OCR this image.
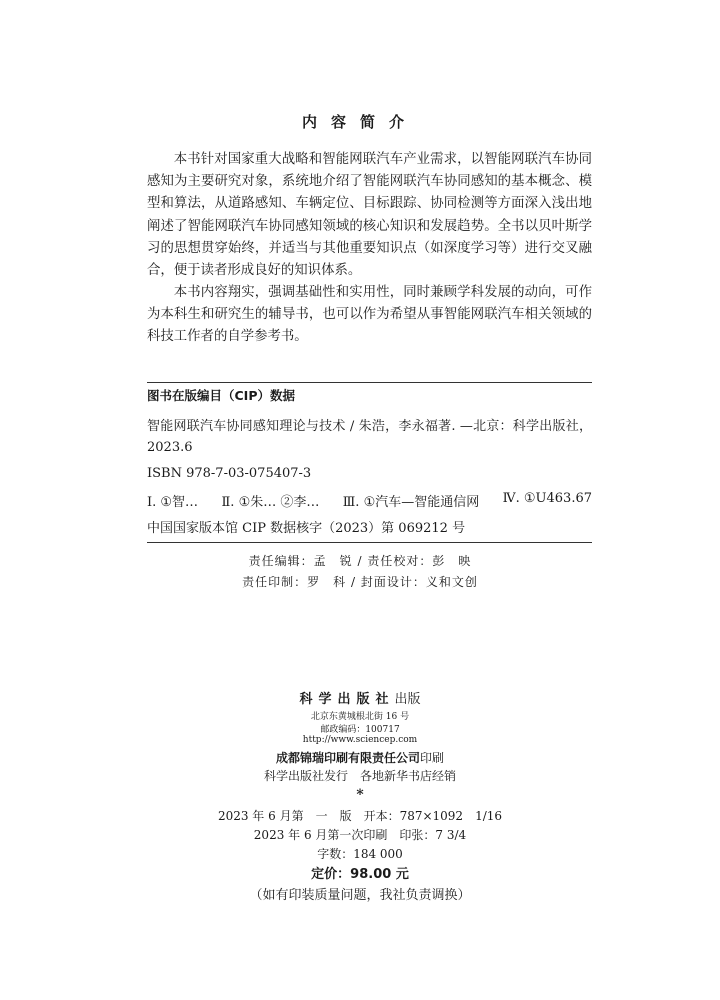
内容简介
本书针对国家重大战略和智能网联汽车产业需求，以智能网联汽车协同感知为主要研究对象，系统地介绍了智能网联汽车协同感知的基本概念、模型和算法，从道路感知、车辆定位、目标跟踪、协同检测等方面深入浅出地阐述了智能网联汽车协同感知领域的核心知识和发展趋势。全书以贝叶斯学习的思想贯穿始终，并适当与其他重要知识点（如深度学习等）进行交叉融合，便于读者形成良好的知识体系。
本书内容翔实，强调基础性和实用性，同时兼顾学科发展的动向，可作为本科生和研究生的辅导书，也可以作为希望从事智能网联汽车相关领域的科技工作者的自学参考书。
图书在版编目（CIP）数据
智能网联汽车协同感知理论与技术 / 朱浩，李永福著. —北京：科学出版社，2023.6
ISBN 978-7-03-075407-3
Ⅰ. ①智… Ⅱ. ①朱… ②李… Ⅲ. ①汽车—智能通信网 Ⅳ. ①U463.67
中国国家版本馆 CIP 数据核字（2023）第 069212 号
责任编辑：孟　锐 / 责任校对：彭　映
责任印制：罗　科 / 封面设计：义和文创
科学出版社出版
北京东黄城根北街 16 号
邮政编码：100717
http://www.sciencep.com
成都锦瑞印刷有限责任公司印刷
科学出版社发行　各地新华书店经销
*
2023 年 6 月第　一　版　开本：787×1092　1/16
2023 年 6 月第一次印刷　印张：7 3/4
字数：184 000
定价：98.00 元
（如有印装质量问题，我社负责调换）
